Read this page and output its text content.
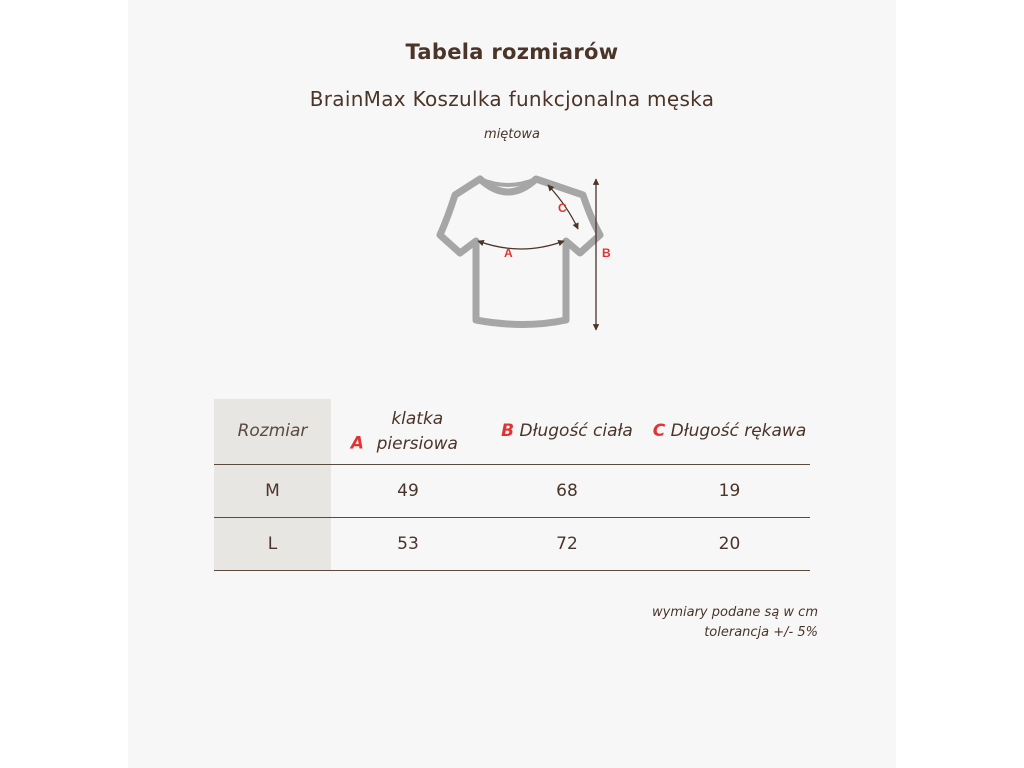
Tabela rozmiarów
BrainMax Koszulka funkcjonalna męska
miętowa
A	B
C
Rozmiar	A klatka piersiowa	B Długość ciała	C Długość rękawa
M	49	68	19
L	53	72	20
wymiary podane są w cm
tolerancja +/- 5%
